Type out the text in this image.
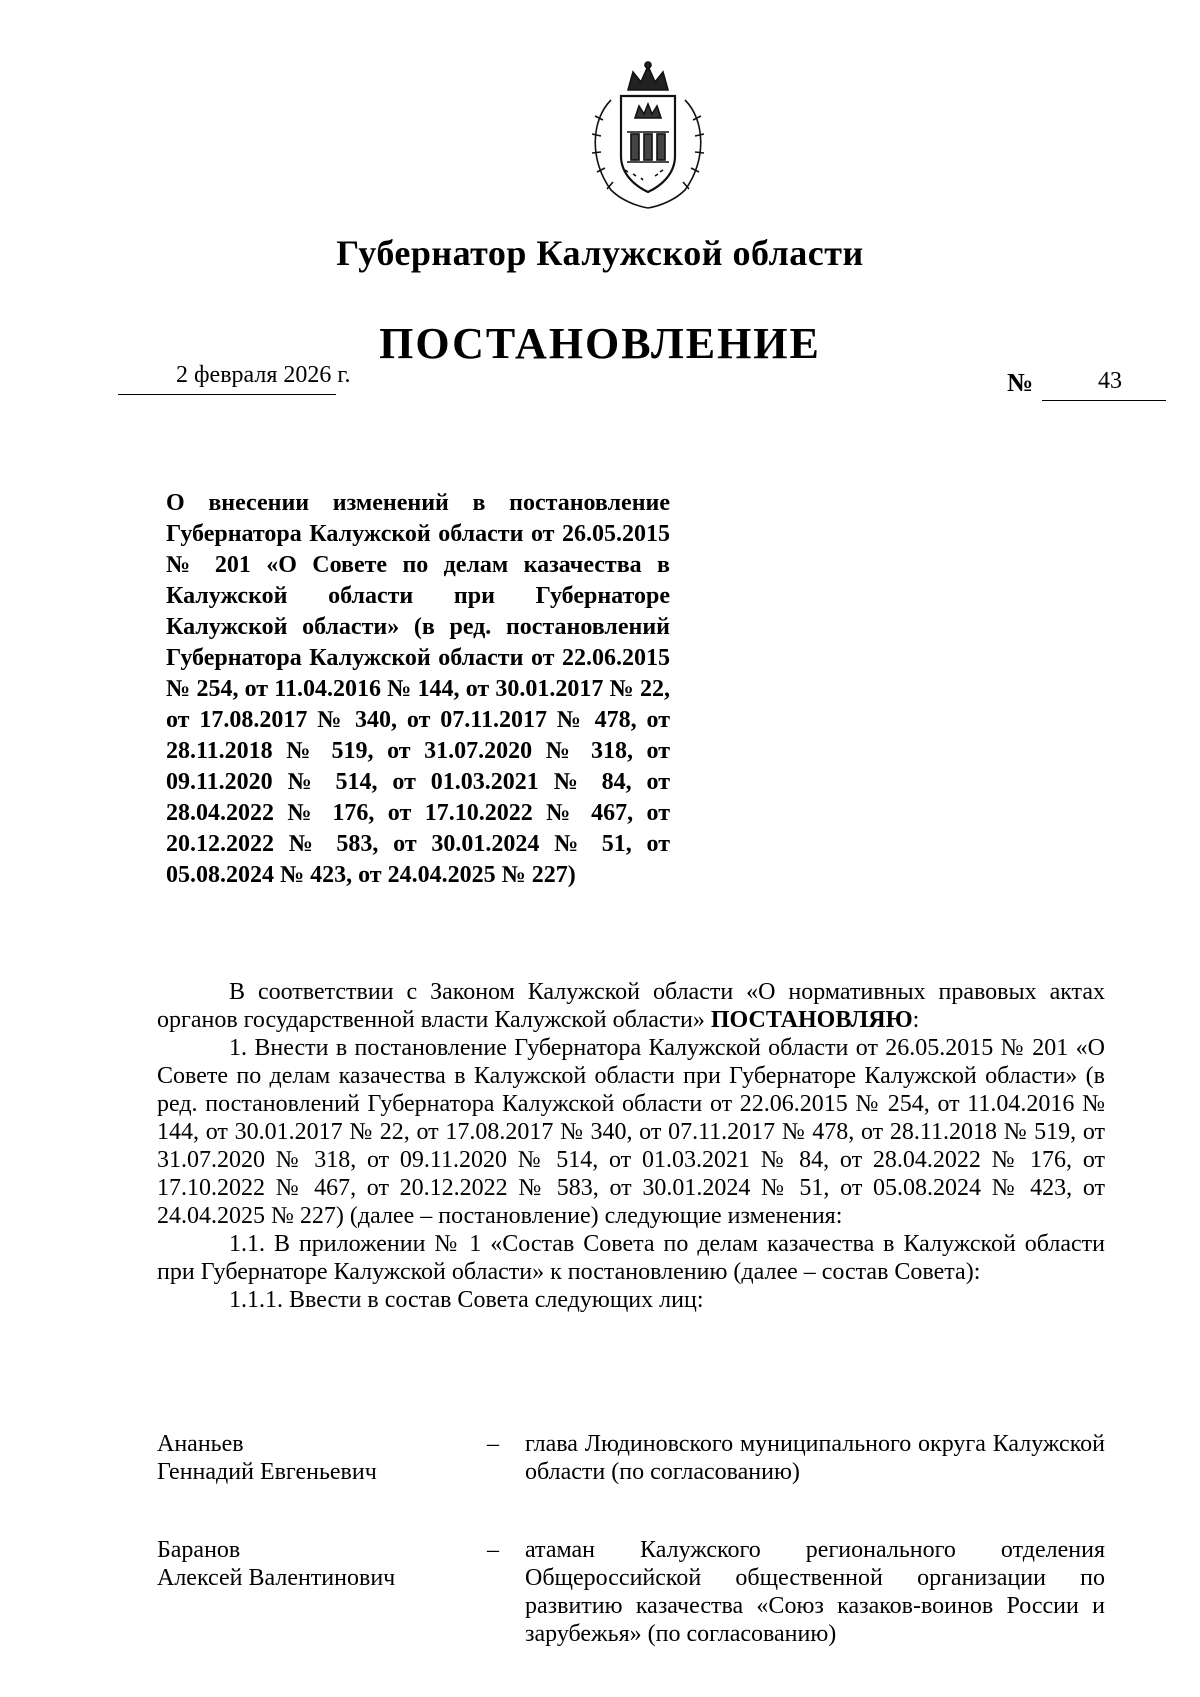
Губернатор Калужской области
ПОСТАНОВЛЕНИЕ
2 февраля 2026 г.	№	43
О внесении изменений в постановление Губернатора Калужской области от 26.05.2015 № 201 «О Совете по делам казачества в Калужской области при Губернаторе Калужской области» (в ред. постановлений Губернатора Калужской области от 22.06.2015 № 254, от 11.04.2016 № 144, от 30.01.2017 № 22, от 17.08.2017 № 340, от 07.11.2017 № 478, от 28.11.2018 № 519, от 31.07.2020 № 318, от 09.11.2020 № 514, от 01.03.2021 № 84, от 28.04.2022 № 176, от 17.10.2022 № 467, от 20.12.2022 № 583, от 30.01.2024 № 51, от 05.08.2024 № 423, от 24.04.2025 № 227)

В соответствии с Законом Калужской области «О нормативных правовых актах органов государственной власти Калужской области» ПОСТАНОВЛЯЮ:

1. Внести в постановление Губернатора Калужской области от 26.05.2015 № 201 «О Совете по делам казачества в Калужской области при Губернаторе Калужской области» (в ред. постановлений Губернатора Калужской области от 22.06.2015 № 254, от 11.04.2016 № 144, от 30.01.2017 № 22, от 17.08.2017 № 340, от 07.11.2017 № 478, от 28.11.2018 № 519, от 31.07.2020 № 318, от 09.11.2020 № 514, от 01.03.2021 № 84, от 28.04.2022 № 176, от 17.10.2022 № 467, от 20.12.2022 № 583, от 30.01.2024 № 51, от 05.08.2024 № 423, от 24.04.2025 № 227) (далее – постановление) следующие изменения:

1.1. В приложении № 1 «Состав Совета по делам казачества в Калужской области при Губернаторе Калужской области» к постановлению (далее – состав Совета):

1.1.1. Ввести в состав Совета следующих лиц:

Ананьев
Геннадий Евгеньевич
– глава Людиновского муниципального округа Калужской области (по согласованию)
Баранов
Алексей Валентинович
– атаман Калужского регионального отделения Общероссийской общественной организации по развитию казачества «Союз казаков-воинов России и зарубежья» (по согласованию)
